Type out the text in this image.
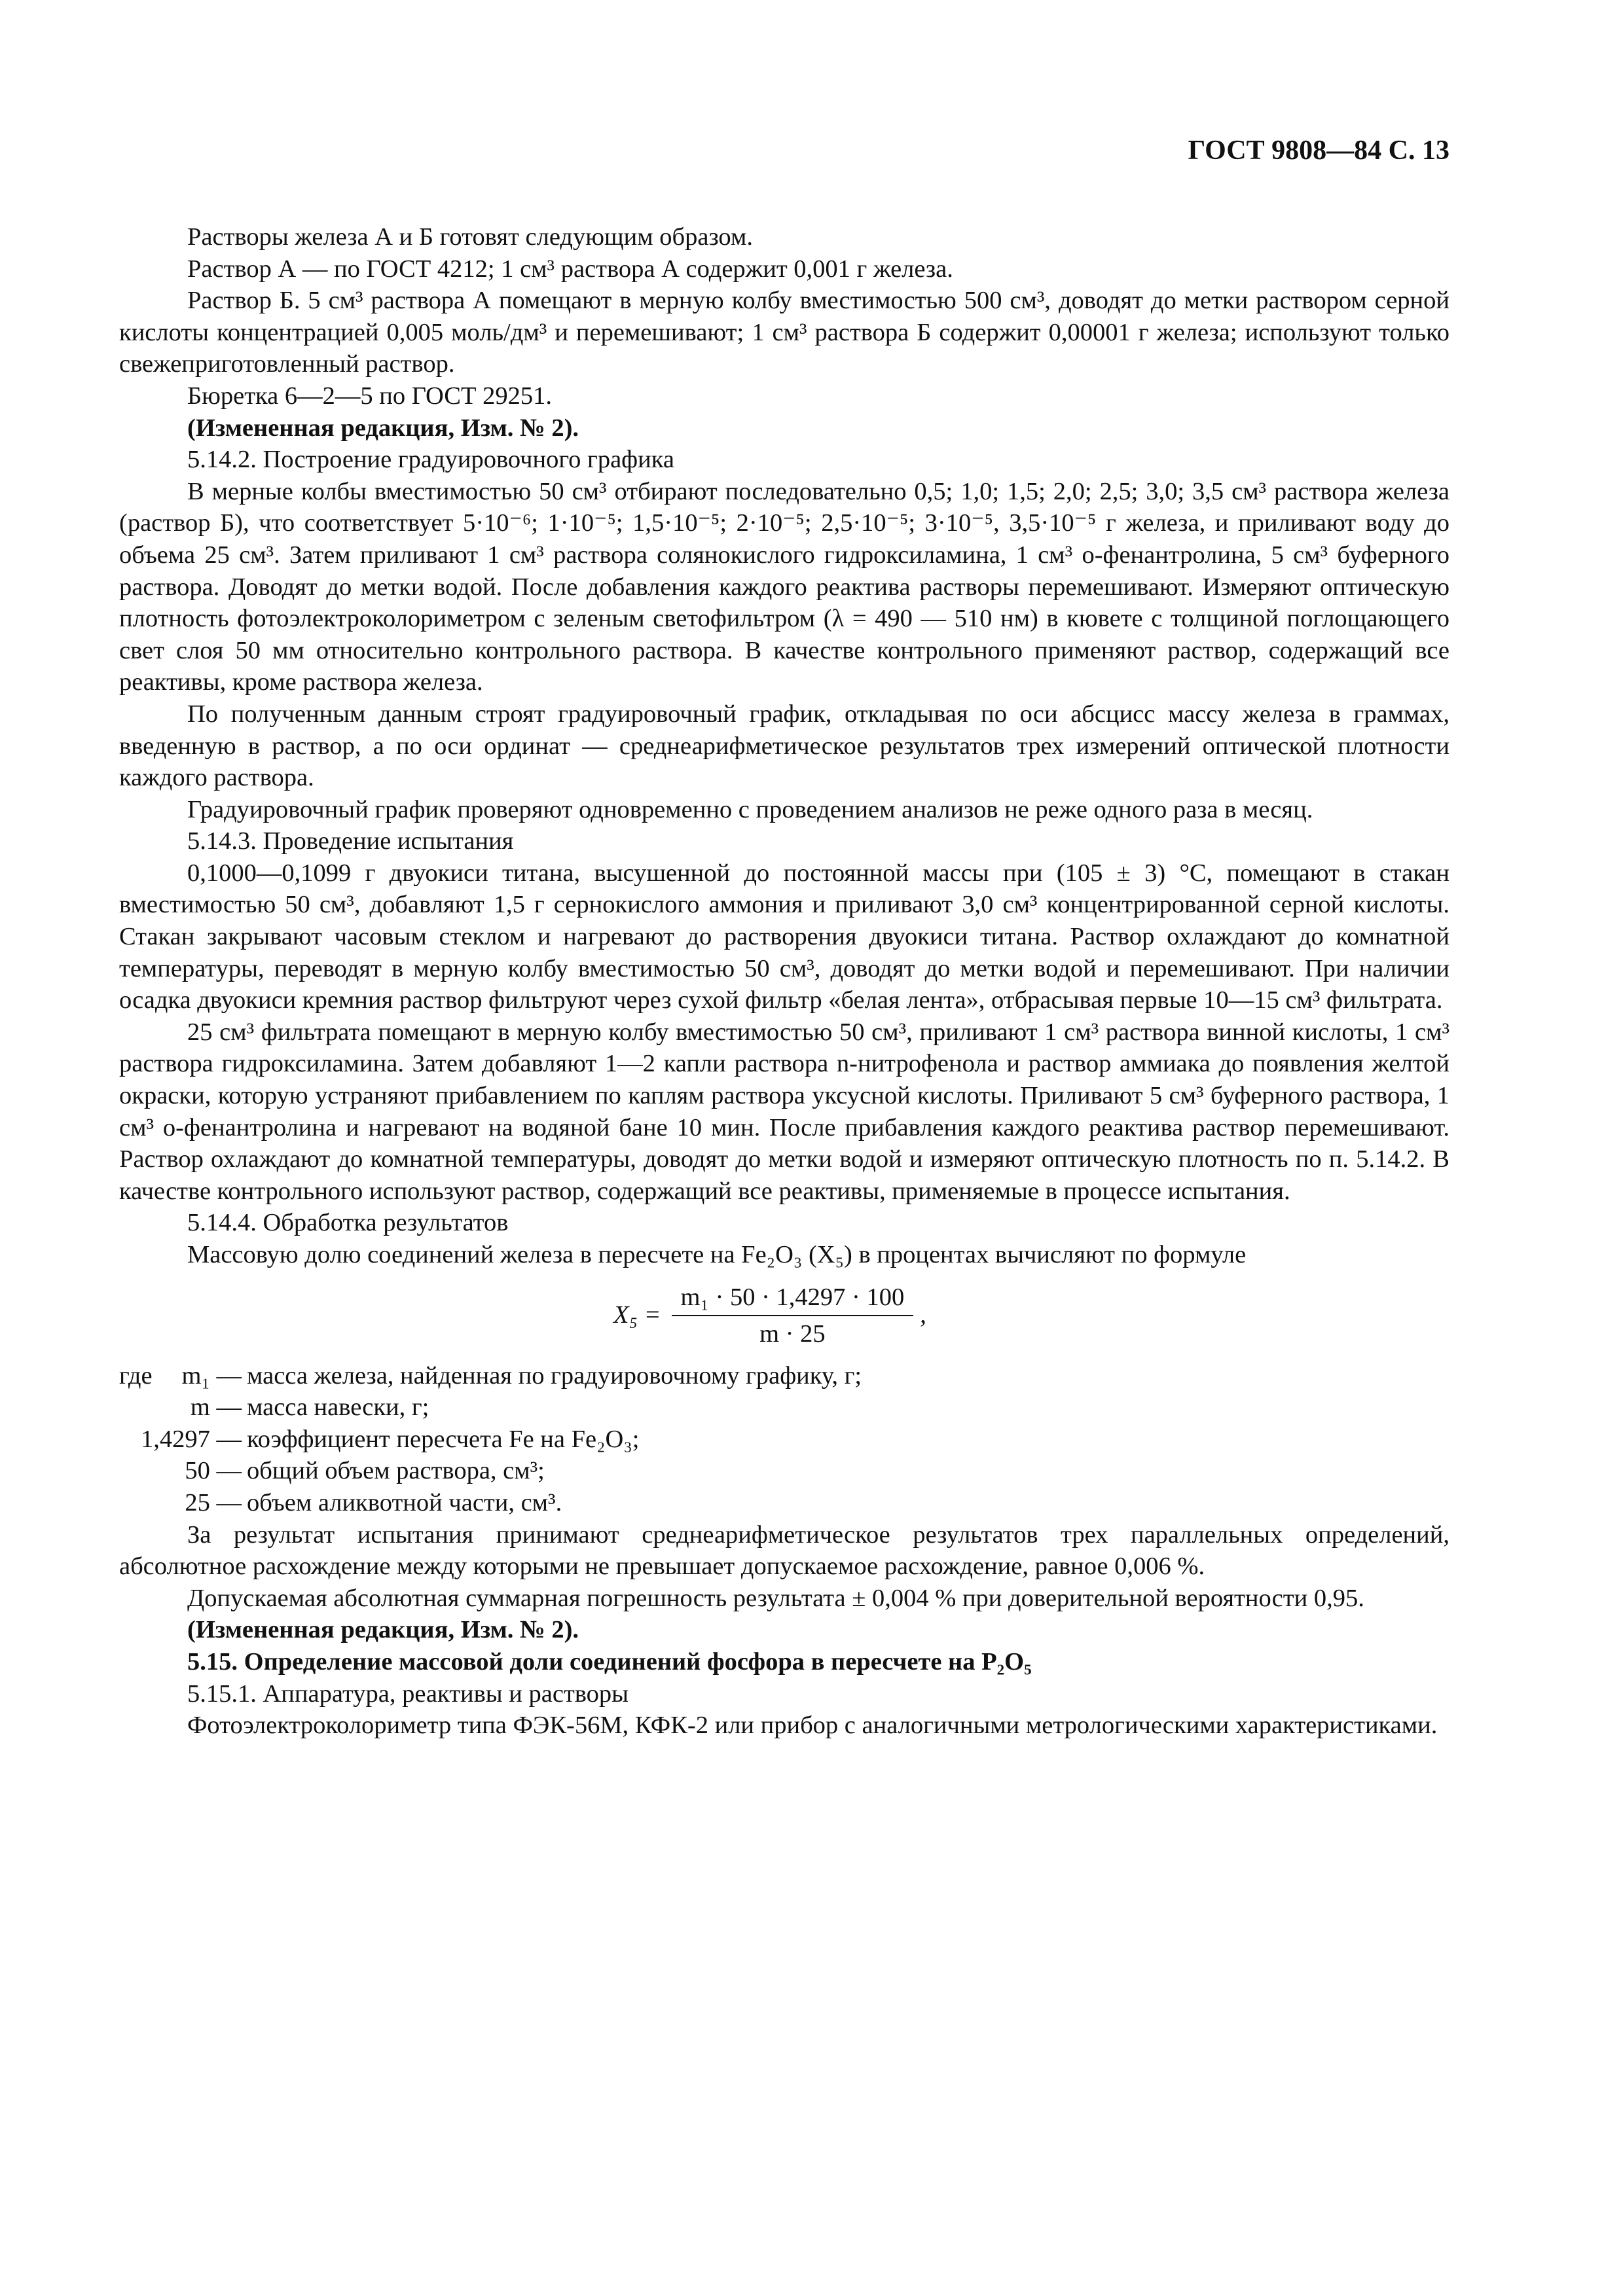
ГОСТ 9808—84 С. 13

Растворы железа А и Б готовят следующим образом.

Раствор А — по ГОСТ 4212; 1 см³ раствора А содержит 0,001 г железа.

Раствор Б. 5 см³ раствора А помещают в мерную колбу вместимостью 500 см³, доводят до метки раствором серной кислоты концентрацией 0,005 моль/дм³ и перемешивают; 1 см³ раствора Б содержит 0,00001 г железа; используют только свежеприготовленный раствор.

Бюретка 6—2—5 по ГОСТ 29251.

(Измененная редакция, Изм. № 2).

5.14.2. Построение градуировочного графика

В мерные колбы вместимостью 50 см³ отбирают последовательно 0,5; 1,0; 1,5; 2,0; 2,5; 3,0; 3,5 см³ раствора железа (раствор Б), что соответствует 5·10⁻⁶; 1·10⁻⁵; 1,5·10⁻⁵; 2·10⁻⁵; 2,5·10⁻⁵; 3·10⁻⁵, 3,5·10⁻⁵ г железа, и приливают воду до объема 25 см³. Затем приливают 1 см³ раствора солянокислого гидроксиламина, 1 см³ о-фенантролина, 5 см³ буферного раствора. Доводят до метки водой. После добавления каждого реактива растворы перемешивают. Измеряют оптическую плотность фотоэлектроколориметром с зеленым светофильтром (λ = 490 — 510 нм) в кювете с толщиной поглощающего свет слоя 50 мм относительно контрольного раствора. В качестве контрольного применяют раствор, содержащий все реактивы, кроме раствора железа.

По полученным данным строят градуировочный график, откладывая по оси абсцисс массу железа в граммах, введенную в раствор, а по оси ординат — среднеарифметическое результатов трех измерений оптической плотности каждого раствора.

Градуировочный график проверяют одновременно с проведением анализов не реже одного раза в месяц.

5.14.3. Проведение испытания

0,1000—0,1099 г двуокиси титана, высушенной до постоянной массы при (105 ± 3) °С, помещают в стакан вместимостью 50 см³, добавляют 1,5 г сернокислого аммония и приливают 3,0 см³ концентрированной серной кислоты. Стакан закрывают часовым стеклом и нагревают до растворения двуокиси титана. Раствор охлаждают до комнатной температуры, переводят в мерную колбу вместимостью 50 см³, доводят до метки водой и перемешивают. При наличии осадка двуокиси кремния раствор фильтруют через сухой фильтр «белая лента», отбрасывая первые 10—15 см³ фильтрата.

25 см³ фильтрата помещают в мерную колбу вместимостью 50 см³, приливают 1 см³ раствора винной кислоты, 1 см³ раствора гидроксиламина. Затем добавляют 1—2 капли раствора n-нитрофенола и раствор аммиака до появления желтой окраски, которую устраняют прибавлением по каплям раствора уксусной кислоты. Приливают 5 см³ буферного раствора, 1 см³ о-фенантролина и нагревают на водяной бане 10 мин. После прибавления каждого реактива раствор перемешивают. Раствор охлаждают до комнатной температуры, доводят до метки водой и измеряют оптическую плотность по п. 5.14.2. В качестве контрольного используют раствор, содержащий все реактивы, применяемые в процессе испытания.

5.14.4. Обработка результатов

Массовую долю соединений железа в пересчете на Fe₂O₃ (X₅) в процентах вычисляют по формуле

$X_5 = \frac{\text{m₁ · 50 · 1,4297 · 100}}{m \cdot 25}$ ,
где m₁ — масса железа, найденная по градуировочному графику, г;
m — масса навески, г;
1,4297 — коэффициент пересчета Fe на Fe₂O₃;
50 — общий объем раствора, см³;
25 — объем аликвотной части, см³.

За результат испытания принимают среднеарифметическое результатов трех параллельных определений, абсолютное расхождение между которыми не превышает допускаемое расхождение, равное 0,006 %.

Допускаемая абсолютная суммарная погрешность результата ± 0,004 % при доверительной вероятности 0,95.

(Измененная редакция, Изм. № 2).

5.15. Определение массовой доли соединений фосфора в пересчете на P₂O₅

5.15.1. Аппаратура, реактивы и растворы

Фотоэлектроколориметр типа ФЭК-56М, КФК-2 или прибор с аналогичными метрологическими характеристиками.
